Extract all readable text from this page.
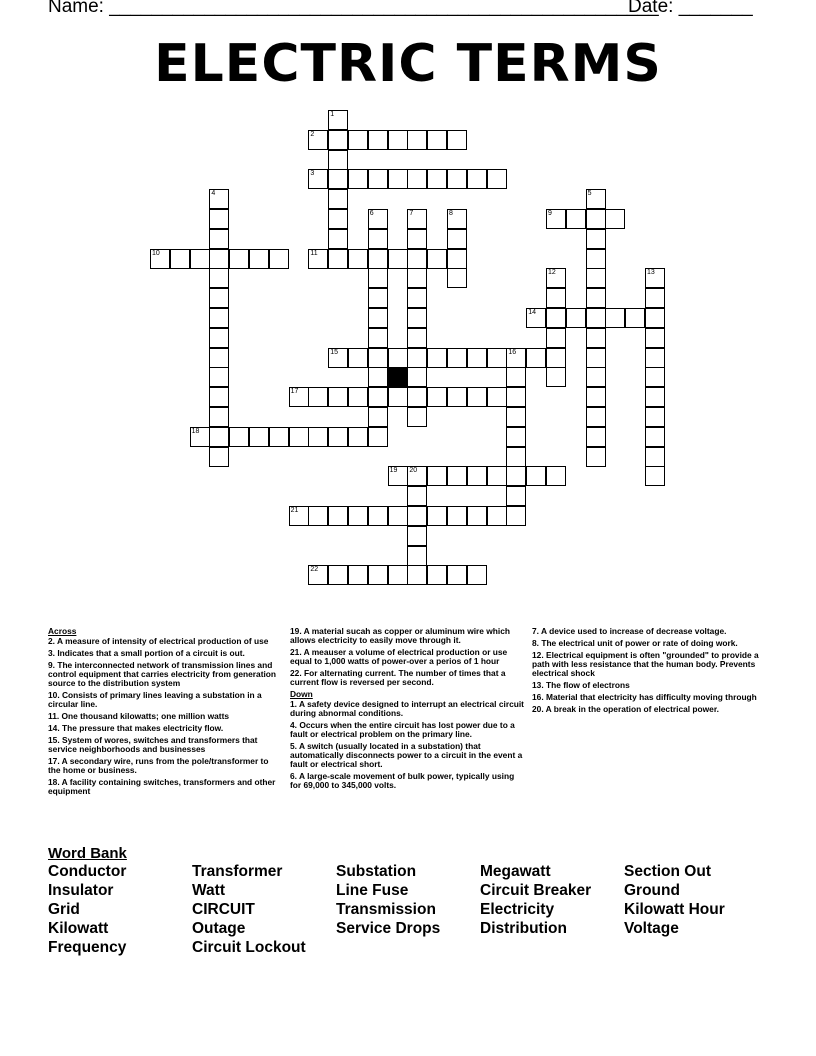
Name: ____________________________________________________
Date: _______
ELECTRIC TERMS
2
3
9
10	11
14
15	16
17
18
19 20
21
22
1
4	5
6	7	8
12	13
Across
2. A measure of intensity of electrical production of use
3. Indicates that a small portion of a circuit is out.
9. The interconnected network of transmission lines and control equipment that carries electricity from generation source to the distribution system
10. Consists of primary lines leaving a substation in a circular line.
11. One thousand kilowatts; one million watts
14. The pressure that makes electricity flow.
15. System of wores, switches and transformers that service neighborhoods and businesses
17. A secondary wire, runs from the pole/transformer to the home or business.
18. A facility containing switches, transformers and other equipment
19. A material sucah as copper or aluminum wire which allows electricity to easily move through it.
21. A meauser a volume of electrical production or use equal to 1,000 watts of power-over a perios of 1 hour
22. For alternating current. The number of times that a current flow is reversed per second.
Down
1. A safety device designed to interrupt an electrical circuit during abnormal conditions.
4. Occurs when the entire circuit has lost power due to a fault or electrical problem on the primary line.
5. A switch (usually located in a substation) that automatically disconnects power to a circuit in the event a fault or electrical short.
6. A large-scale movement of bulk power, typically using for 69,000 to 345,000 volts.
7. A device used to increase of decrease voltage.
8. The electrical unit of power or rate of doing work.
12. Electrical equipment is often "grounded" to provide a path with less resistance that the human body. Prevents electrical shock
13. The flow of electrons
16. Material that electricity has difficulty moving through
20. A break in the operation of electrical power.
Word Bank
Conductor	Transformer	Substation	Megawatt	Section Out
Insulator	Watt	Line Fuse	Circuit Breaker	Ground
Grid	CIRCUIT	Transmission	Electricity	Kilowatt Hour
Kilowatt	Outage	Service Drops	Distribution	Voltage
Frequency	Circuit Lockout
